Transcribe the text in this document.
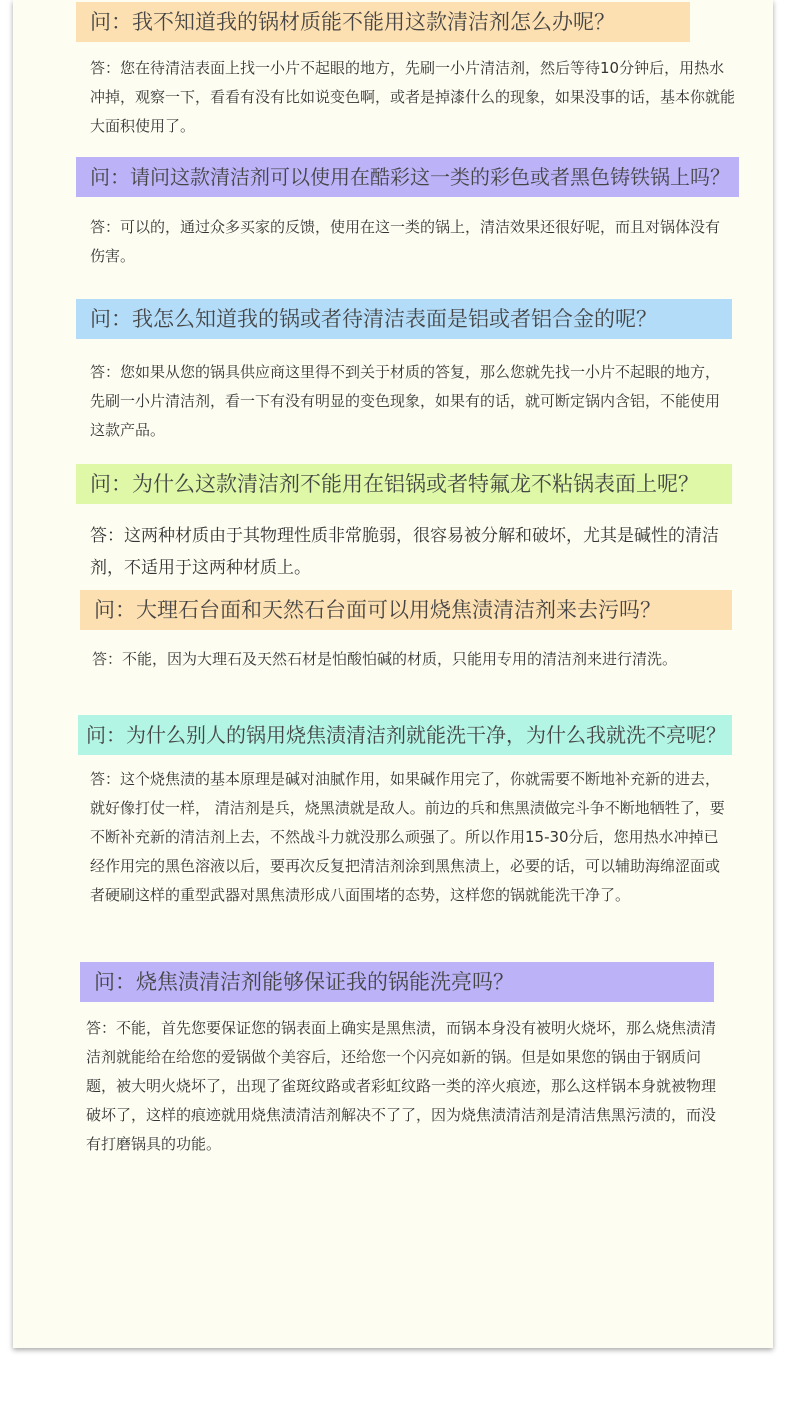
问：我不知道我的锅材质能不能用这款清洁剂怎么办呢？
答：您在待清洁表面上找一小片不起眼的地方，先刷一小片清洁剂，然后等待10分钟后，用热水冲掉，观察一下，看看有没有比如说变色啊，或者是掉漆什么的现象，如果没事的话，基本你就能大面积使用了。
问：请问这款清洁剂可以使用在酷彩这一类的彩色或者黑色铸铁锅上吗？
答：可以的，通过众多买家的反馈，使用在这一类的锅上，清洁效果还很好呢，而且对锅体没有伤害。
问：我怎么知道我的锅或者待清洁表面是铝或者铝合金的呢？
答：您如果从您的锅具供应商这里得不到关于材质的答复，那么您就先找一小片不起眼的地方，先刷一小片清洁剂，看一下有没有明显的变色现象，如果有的话，就可断定锅内含铝，不能使用这款产品。
问：为什么这款清洁剂不能用在铝锅或者特氟龙不粘锅表面上呢？
答：这两种材质由于其物理性质非常脆弱，很容易被分解和破坏，尤其是碱性的清洁剂，不适用于这两种材质上。
问：大理石台面和天然石台面可以用烧焦渍清洁剂来去污吗？
答：不能，因为大理石及天然石材是怕酸怕碱的材质，只能用专用的清洁剂来进行清洗。
问：为什么别人的锅用烧焦渍清洁剂就能洗干净，为什么我就洗不亮呢？
答：这个烧焦渍的基本原理是碱对油腻作用，如果碱作用完了，你就需要不断地补充新的进去，就好像打仗一样， 清洁剂是兵，烧黑渍就是敌人。前边的兵和焦黑渍做完斗争不断地牺牲了，要不断补充新的清洁剂上去，不然战斗力就没那么顽强了。所以作用15-30分后，您用热水冲掉已经作用完的黑色溶液以后，要再次反复把清洁剂涂到黑焦渍上，必要的话，可以辅助海绵涩面或者硬刷这样的重型武器对黑焦渍形成八面围堵的态势，这样您的锅就能洗干净了。
问：烧焦渍清洁剂能够保证我的锅能洗亮吗？
答：不能，首先您要保证您的锅表面上确实是黑焦渍，而锅本身没有被明火烧坏，那么烧焦渍清洁剂就能给在给您的爱锅做个美容后，还给您一个闪亮如新的锅。但是如果您的锅由于钢质问题，被大明火烧坏了，出现了雀斑纹路或者彩虹纹路一类的淬火痕迹，那么这样锅本身就被物理破坏了，这样的痕迹就用烧焦渍清洁剂解决不了了，因为烧焦渍清洁剂是清洁焦黑污渍的，而没有打磨锅具的功能。
